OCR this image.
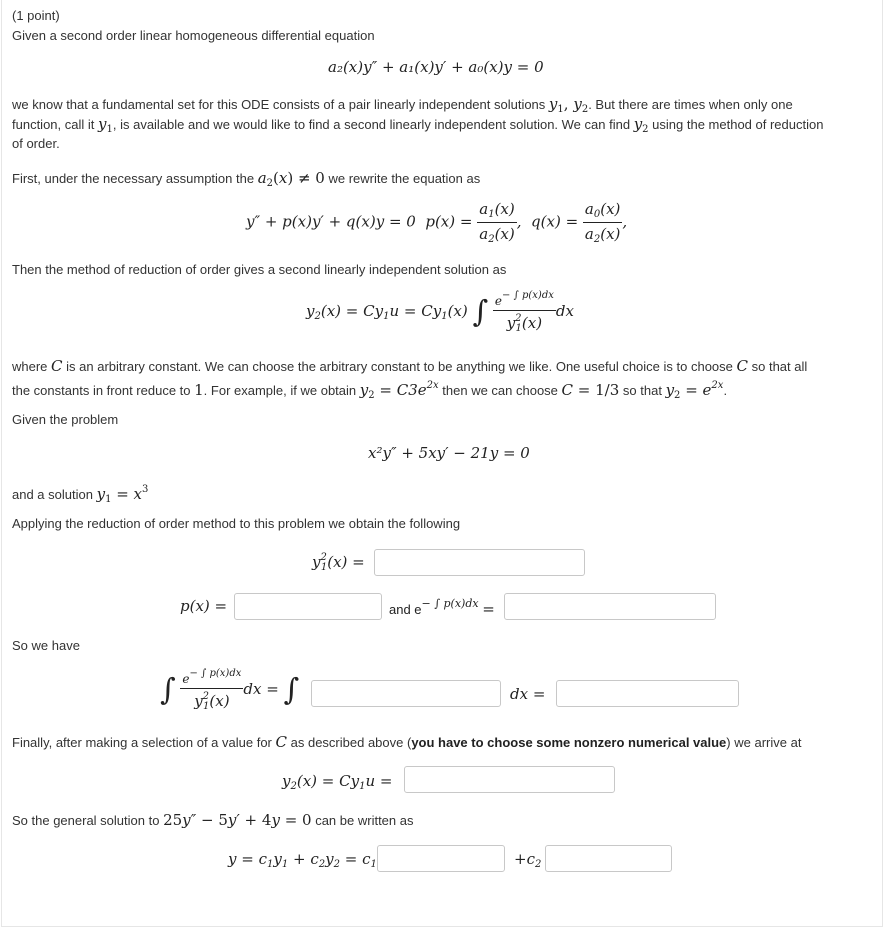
(1 point)
Given a second order linear homogeneous differential equation
a₂(x)y″ + a₁(x)y′ + a₀(x)y = 0
we know that a fundamental set for this ODE consists of a pair linearly independent solutions $y_1$, $y_2$. But there are times when only one
function, call it $y_1$, is available and we would like to find a second linearly independent solution. We can find $y_2$ using the method of reduction
of order.
First, under the necessary assumption the $a_2(x) \ne 0$ we rewrite the equation as
y″ + p(x)y′ + q(x)y = 0  $p(x) = \frac{a_1(x)}{a_2(x)}$ ,  $q(x) = \frac{a_0(x)}{a_2(x)}$ ,
Then the method of reduction of order gives a second linearly independent solution as
$y_2(x) = Cy_1u = Cy_1(x)$ ∫ $\frac{e^{- \int p(x)dx}}{y^2_1(x)}$ dx
where C is an arbitrary constant. We can choose the arbitrary constant to be anything we like. One useful choice is to choose C so that all
the constants in front reduce to 1. For example, if we obtain $y_2 = C3e^{2x}$ then we can choose C = 1/3 so that $y_2 = e^{2x}$.
Given the problem
x²y″ + 5xy′ − 21y = 0
and a solution $y_1 = x^3$
Applying the reduction of order method to this problem we obtain the following
$y^2_1(x)$ =
p(x) =	and $e^{- \int p(x)dx}$ =
So we have
∫ $\frac{e^{- \int p(x)dx}}{y^2_1(x)}$ dx = ∫	dx =
Finally, after making a selection of a value for C as described above (you have to choose some nonzero numerical value) we arrive at
$y_2(x) = Cy_1u$ =
So the general solution to 25y″ − 5y′ + 4y = 0 can be written as
$y = c_1y_1 + c_2y_2 = c_1$	$+c_2$
